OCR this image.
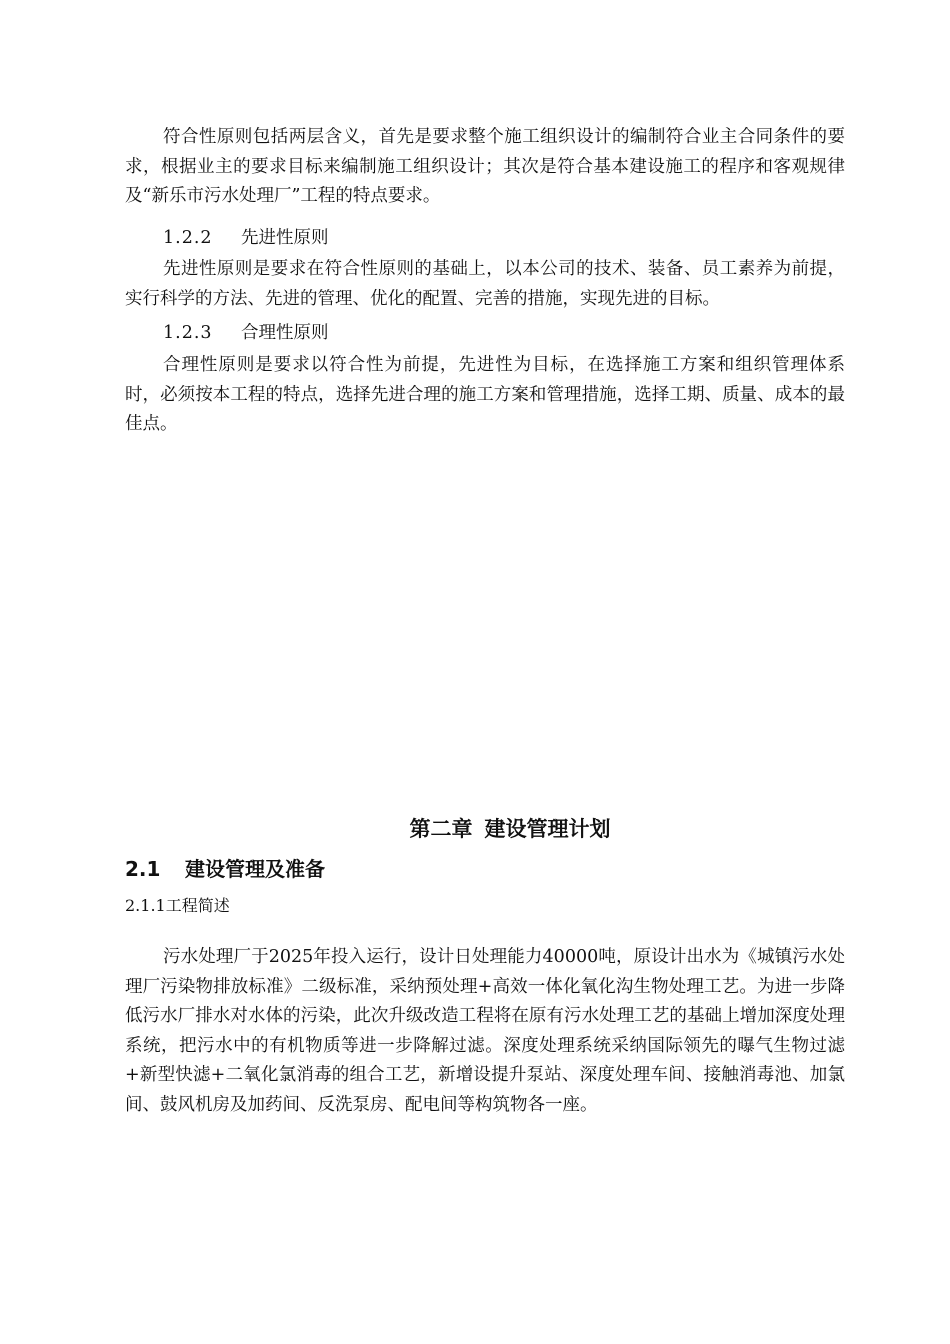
符合性原则包括两层含义，首先是要求整个施工组织设计的编制符合业主合同条件的要求，根据业主的要求目标来编制施工组织设计；其次是符合基本建设施工的程序和客观规律及“新乐市污水处理厂”工程的特点要求。

1.2.2 先进性原则

先进性原则是要求在符合性原则的基础上，以本公司的技术、装备、员工素养为前提，实行科学的方法、先进的管理、优化的配置、完善的措施，实现先进的目标。

1.2.3 合理性原则

合理性原则是要求以符合性为前提，先进性为目标，在选择施工方案和组织管理体系时，必须按本工程的特点，选择先进合理的施工方案和管理措施，选择工期、质量、成本的最佳点。

第二章 建设管理计划
2.1 建设管理及准备
2.1.1工程简述

污水处理厂于2025年投入运行，设计日处理能力40000吨，原设计出水为《城镇污水处理厂污染物排放标准》二级标准，采纳预处理+高效一体化氧化沟生物处理工艺。为进一步降低污水厂排水对水体的污染，此次升级改造工程将在原有污水处理工艺的基础上增加深度处理系统，把污水中的有机物质等进一步降解过滤。深度处理系统采纳国际领先的曝气生物过滤+新型快滤+二氧化氯消毒的组合工艺，新增设提升泵站、深度处理车间、接触消毒池、加氯间、鼓风机房及加药间、反洗泵房、配电间等构筑物各一座。
